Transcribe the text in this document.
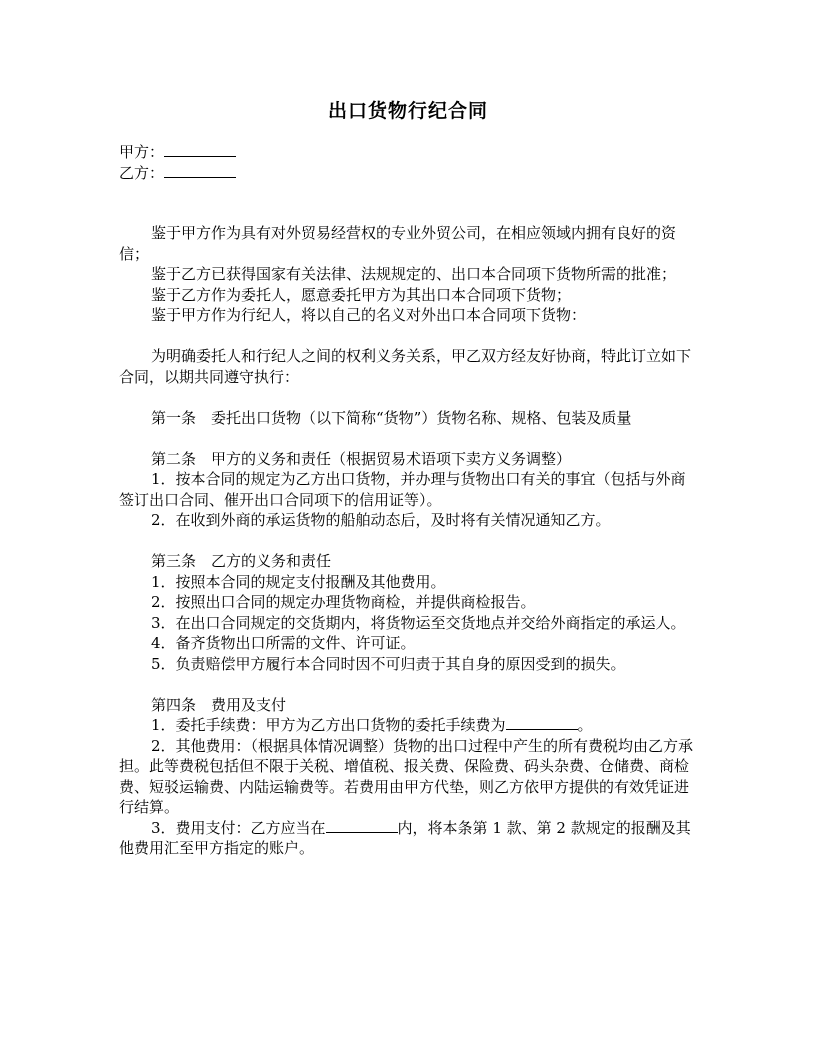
出口货物行纪合同

甲方：

乙方：

鉴于甲方作为具有对外贸易经营权的专业外贸公司，在相应领域内拥有良好的资信；

鉴于乙方已获得国家有关法律、法规规定的、出口本合同项下货物所需的批准；

鉴于乙方作为委托人，愿意委托甲方为其出口本合同项下货物；

鉴于甲方作为行纪人，将以自己的名义对外出口本合同项下货物：

为明确委托人和行纪人之间的权利义务关系，甲乙双方经友好协商，特此订立如下合同，以期共同遵守执行：

第一条　委托出口货物（以下简称“货物”）货物名称、规格、包装及质量

第二条　甲方的义务和责任（根据贸易术语项下卖方义务调整）

1．按本合同的规定为乙方出口货物，并办理与货物出口有关的事宜（包括与外商签订出口合同、催开出口合同项下的信用证等）。

2．在收到外商的承运货物的船舶动态后，及时将有关情况通知乙方。

第三条　乙方的义务和责任

1．按照本合同的规定支付报酬及其他费用。

2．按照出口合同的规定办理货物商检，并提供商检报告。

3．在出口合同规定的交货期内，将货物运至交货地点并交给外商指定的承运人。

4．备齐货物出口所需的文件、许可证。

5．负责赔偿甲方履行本合同时因不可归责于其自身的原因受到的损失。

第四条　费用及支付

1．委托手续费：甲方为乙方出口货物的委托手续费为	。

2．其他费用：（根据具体情况调整）货物的出口过程中产生的所有费税均由乙方承担。此等费税包括但不限于关税、增值税、报关费、保险费、码头杂费、仓储费、商检费、短驳运输费、内陆运输费等。若费用由甲方代垫，则乙方依甲方提供的有效凭证进行结算。

3．费用支付：乙方应当在	内，将本条第 1 款、第 2 款规定的报酬及其他费用汇至甲方指定的账户。
